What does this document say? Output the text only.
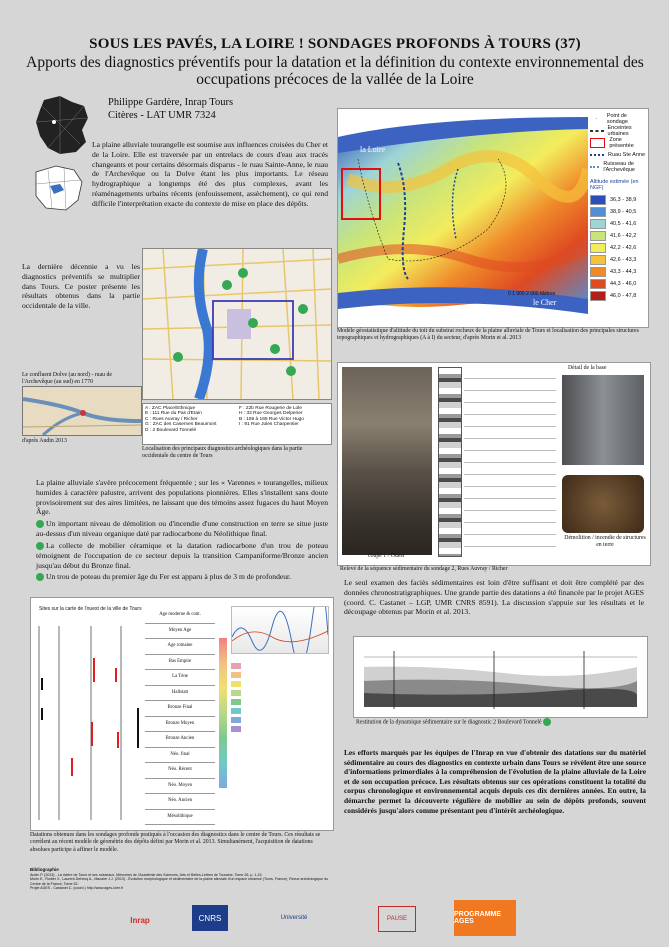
SOUS LES PAVÉS, LA LOIRE ! SONDAGES PROFONDS À TOURS (37)
Apports des diagnostics préventifs pour la datation et la définition du contexte environnemental des occupations précoces de la vallée de la Loire
Philippe Gardère, Inrap Tours
Citères - LAT UMR 7324
La plaine alluviale tourangelle est soumise aux influences croisées du Cher et de la Loire. Elle est traversée par un entrelacs de cours d'eau aux tracés changeants et pour certains désormais disparus - le ruau Sainte-Anne, le ruau de l'Archevêque ou la Dolve étant les plus importants. Le réseau hydrographique a longtemps été des plus complexes, avant les réaménagements urbains récents (enfouissement, assèchement), ce qui rend difficile l'interprétation exacte du contexte de mise en place des dépôts.
la Loire
le Cher
0 1 000 2 000 Mètres
·	Point de sondage
Enceintes urbaines
Zone présentée
Ruau Ste Anne
Ruisseau de l'Archevêque
Altitude estimée (en NGF)
36,3 - 38,9
38,9 - 40,5
40,5 - 41,6
41,6 - 42,2
42,2 - 42,6
42,6 - 43,3
43,3 - 44,3
44,3 - 46,0
46,0 - 47,8
Modèle géostatistique d'altitude du toit du substrat rocheux de la plaine alluviale de Tours et localisation des principales structures topographiques et hydrographiques (A à I) du secteur, d'après Morin et al. 2013
La dernière décennie a vu les diagnostics préventifs se multiplier dans Tours. Ce poster présente les résultats obtenus dans la partie occidentale de la ville.
A : ZAC Place/Ethnique
E : 111 Rue du Pas d'Etain
C : Rues Auvray / Richer
G : ZAC des Casernes Beaumont
D : 2 Boulevard Tonnelé
F : 22b Rue Rougerie de Lole
H : 33 Rue Georges Delperier
B : 159 à 165 Rue Victor Hugo
I : 91 Rue Jules Charpentier
Localisation des principaux diagnostics archéologiques dans la partie occidentale du centre de Tours
Le confluent Dolve (au nord) - ruau de l'Archevêque (au sud) en 1770
d'après Audin 2013
La plaine alluviale s'avère précocement fréquentée ; sur les « Varennes » tourangelles, milieux humides à caractère palustre, arrivent des populations pionnières. Elles s'installent sans doute provisoirement sur des aires limitées, ne laissant que des témoins assez fugaces du haut Moyen Âge.
Un important niveau de démolition ou d'incendie d'une construction en terre se situe juste au-dessus d'un niveau organique daté par radiocarbone du Néolithique final.
La collecte de mobilier céramique et la datation radiocarbone d'un trou de poteau témoignent de l'occupation de ce secteur depuis la transition Campaniforme/Bronze ancien jusqu'au début du Bronze final.
Un trou de poteau du premier âge du Fer est apparu à plus de 3 m de profondeur.
Détail de la base
Démolition / incendie de structures en terre
coupe 1 / Ouest
Relevé de la séquence sédimentaire du sondage 2, Rues Auvray / Richer
Le seul examen des faciès sédimentaires est loin d'être suffisant et doit être complété par des données chronostratigraphiques. Une grande partie des datations a été financée par le projet AGES (coord. C. Castanet – LGP, UMR CNRS 8591). La discussion s'appuie sur les résultats et le découpage obtenus par Morin et al. 2013.
Restitution de la dynamique sédimentaire sur le diagnostic 2 Boulevard Tonnelé
Sites sur la carte de l'ouest de la ville de Tours
Age moderne & cont.
Moyen Age
Age romaine
Bas Empire
La Tène
Hallstatt
Bronze Final
Bronze Moyen
Bronze Ancien
Néo. final
Néo. Récent
Néo. Moyen
Néo. Ancien
Mésolithique
Datations obtenues dans les sondages profonds pratiqués à l'occasion des diagnostics dans le centre de Tours. Ces résultats se corrèlent au récent modèle de géométrie des dépôts défini par Morin et al. 2013. Simultanément, l'acquisition de datations absolues participe à affiner le modèle.
Les efforts marqués par les équipes de l'Inrap en vue d'obtenir des datations sur du matériel sédimentaire au cours des diagnostics en contexte urbain dans Tours se révèlent être une source d'informations primordiales à la compréhension de l'évolution de la plaine alluviale de la Loire et de son occupation précoce. Les résultats obtenus sur ces opérations constituent la totalité du corpus chronologique et environnemental acquis depuis ces dix dernières années. En outre, la démarche permet la découverte régulière de mobilier au sein de dépôts profonds, souvent considérés jusqu'alors comme présentant peu d'intérêt archéologique.
Bibliographie
Audin P. (2013) - La rivière de Tours et ses ruisseaux, Mémoires de l'Académie des Sciences, Arts et Belles-Lettres de Touraine, Tome 26, p. 1-15.
Morin E., Rodier X., Laurent-Dehecq A., Macaire J.J. (2013) - Évolution morphologique et sédimentaire de la plaine alluviale d'un espace urbanisé (Tours, France), Revue archéologique du Centre de la France, Tome 52.
Projet AGES - Castanet C. (coord.) http://www.ages-loire.fr
Inrap	CNRS	Université	PAUSE
PROGRAMME AGES
